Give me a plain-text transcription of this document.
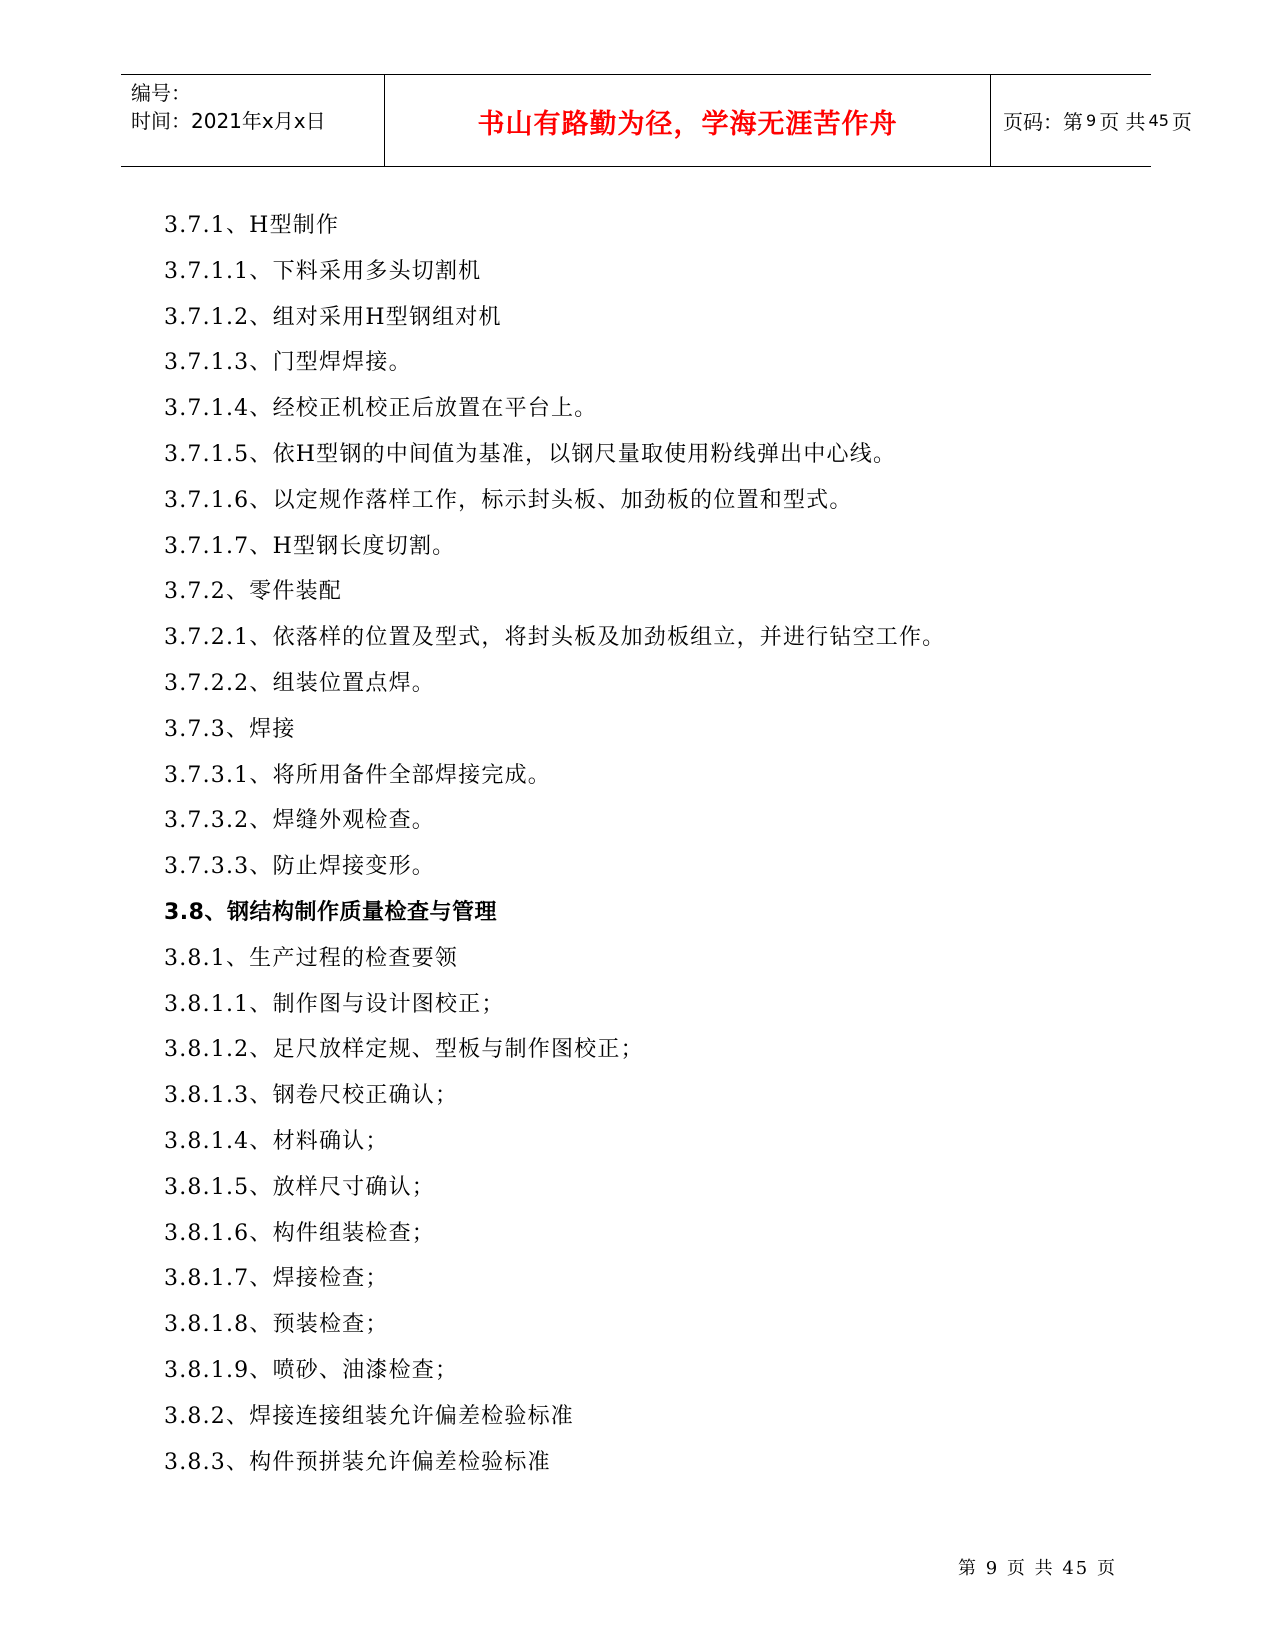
编号：
时间：2021年x月x日	书山有路勤为径，学海无涯苦作舟	页码：第 9 页 共 45 页
3.7.1、H型制作
3.7.1.1、下料采用多头切割机
3.7.1.2、组对采用H型钢组对机
3.7.1.3、门型焊焊接。
3.7.1.4、经校正机校正后放置在平台上。
3.7.1.5、依H型钢的中间值为基准，以钢尺量取使用粉线弹出中心线。
3.7.1.6、以定规作落样工作，标示封头板、加劲板的位置和型式。
3.7.1.7、H型钢长度切割。
3.7.2、零件装配
3.7.2.1、依落样的位置及型式，将封头板及加劲板组立，并进行钻空工作。
3.7.2.2、组装位置点焊。
3.7.3、焊接
3.7.3.1、将所用备件全部焊接完成。
3.7.3.2、焊缝外观检查。
3.7.3.3、防止焊接变形。
3.8、钢结构制作质量检查与管理
3.8.1、生产过程的检查要领
3.8.1.1、制作图与设计图校正；
3.8.1.2、足尺放样定规、型板与制作图校正；
3.8.1.3、钢卷尺校正确认；
3.8.1.4、材料确认；
3.8.1.5、放样尺寸确认；
3.8.1.6、构件组装检查；
3.8.1.7、焊接检查；
3.8.1.8、预装检查；
3.8.1.9、喷砂、油漆检查；
3.8.2、焊接连接组装允许偏差检验标准
3.8.3、构件预拼装允许偏差检验标准
第 9 页 共 45 页
